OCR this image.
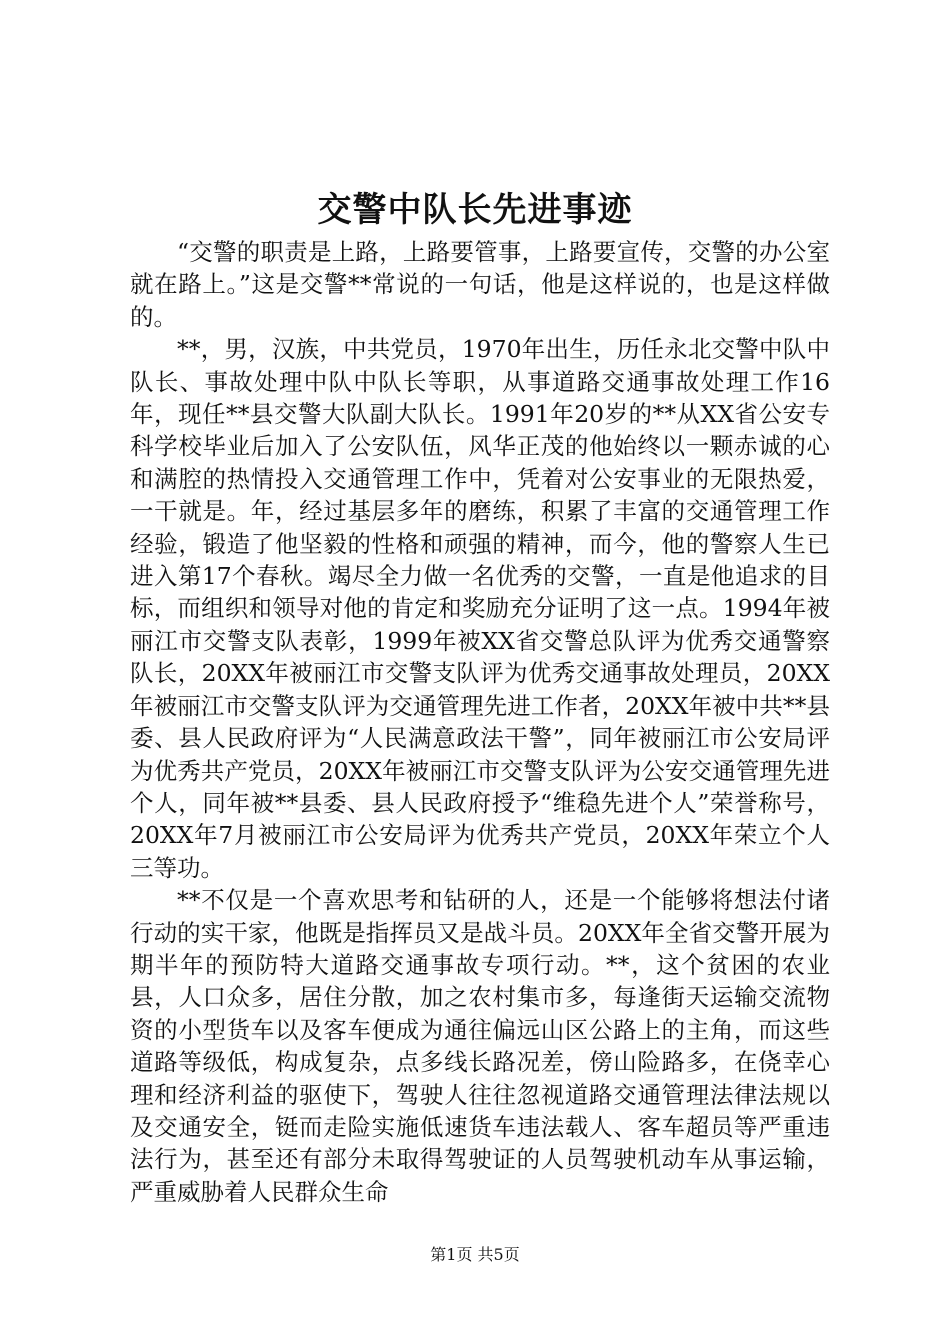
交警中队长先进事迹

“交警的职责是上路，上路要管事，上路要宣传，交警的办公室就在路上。”这是交警**常说的一句话，他是这样说的，也是这样做的。

**，男，汉族，中共党员，1970年出生，历任永北交警中队中队长、事故处理中队中队长等职，从事道路交通事故处理工作16年，现任**县交警大队副大队长。1991年20岁的**从XX省公安专科学校毕业后加入了公安队伍，风华正茂的他始终以一颗赤诚的心和满腔的热情投入交通管理工作中，凭着对公安事业的无限热爱，一干就是。年，经过基层多年的磨练，积累了丰富的交通管理工作经验，锻造了他坚毅的性格和顽强的精神，而今，他的警察人生已进入第17个春秋。竭尽全力做一名优秀的交警，一直是他追求的目标，而组织和领导对他的肯定和奖励充分证明了这一点。1994年被丽江市交警支队表彰，1999年被XX省交警总队评为优秀交通警察队长，20XX年被丽江市交警支队评为优秀交通事故处理员，20XX年被丽江市交警支队评为交通管理先进工作者，20XX年被中共**县委、县人民政府评为“人民满意政法干警”，同年被丽江市公安局评为优秀共产党员，20XX年被丽江市交警支队评为公安交通管理先进个人，同年被**县委、县人民政府授予“维稳先进个人”荣誉称号，20XX年7月被丽江市公安局评为优秀共产党员，20XX年荣立个人三等功。

**不仅是一个喜欢思考和钻研的人，还是一个能够将想法付诸行动的实干家，他既是指挥员又是战斗员。20XX年全省交警开展为期半年的预防特大道路交通事故专项行动。**，这个贫困的农业县，人口众多，居住分散，加之农村集市多，每逢街天运输交流物资的小型货车以及客车便成为通往偏远山区公路上的主角，而这些道路等级低，构成复杂，点多线长路况差，傍山险路多，在侥幸心理和经济利益的驱使下，驾驶人往往忽视道路交通管理法律法规以及交通安全，铤而走险实施低速货车违法载人、客车超员等严重违法行为，甚至还有部分未取得驾驶证的人员驾驶机动车从事运输，严重威胁着人民群众生命

第1页 共5页
